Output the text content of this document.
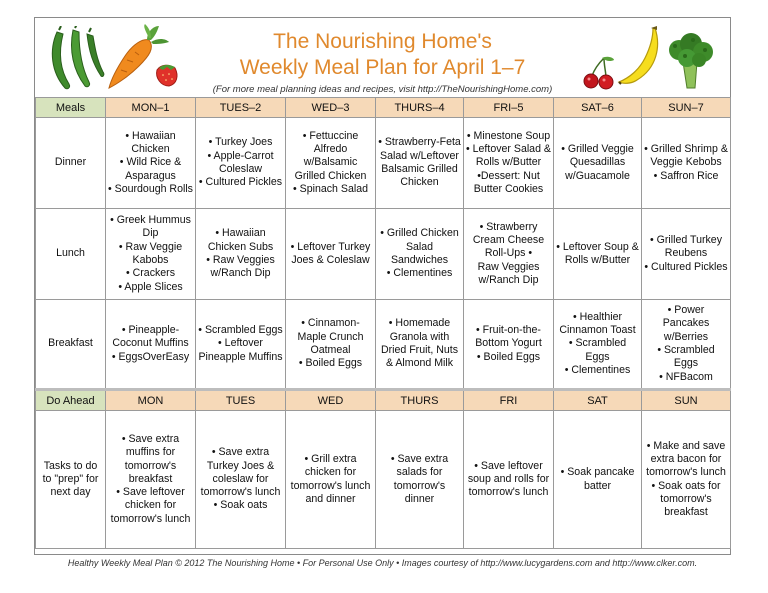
The Nourishing Home's
Weekly Meal Plan for April 1–7
(For more meal planning ideas and recipes, visit http://TheNourishingHome.com)
Meals	MON–1	TUES–2	WED–3	THURS–4	FRI–5	SAT–6	SUN–7
Dinner	• Hawaiian Chicken
• Wild Rice & Asparagus
• Sourdough Rolls	• Turkey Joes
• Apple-Carrot Coleslaw
• Cultured Pickles	• Fettuccine Alfredo w/Balsamic Grilled Chicken
• Spinach Salad	• Strawberry-Feta Salad w/Leftover Balsamic Grilled Chicken	• Minestone Soup
• Leftover Salad & Rolls w/Butter
•Dessert: Nut Butter Cookies	• Grilled Veggie Quesadillas w/Guacamole	• Grilled Shrimp & Veggie Kebobs
• Saffron Rice

Lunch	• Greek Hummus Dip
• Raw Veggie Kabobs
• Crackers
• Apple Slices	• Hawaiian Chicken Subs
• Raw Veggies w/Ranch Dip	• Leftover Turkey Joes & Coleslaw	• Grilled Chicken Salad Sandwiches
• Clementines	• Strawberry Cream Cheese Roll-Ups •
Raw Veggies w/Ranch Dip	• Leftover Soup & Rolls w/Butter	• Grilled Turkey Reubens
• Cultured Pickles

Breakfast	• Pineapple-Coconut Muffins
• EggsOverEasy	• Scrambled Eggs
• Leftover Pineapple Muffins	• Cinnamon-Maple Crunch Oatmeal
• Boiled Eggs	• Homemade Granola with Dried Fruit, Nuts & Almond Milk	• Fruit-on-the-Bottom Yogurt
• Boiled Eggs	• Healthier Cinnamon Toast
• Scrambled Eggs
• Clementines	• Power Pancakes w/Berries
• Scrambled Eggs
• NFBacom

Do Ahead	MON	TUES	WED	THURS	FRI	SAT	SUN
Tasks to do to "prep" for next day	• Save extra muffins for tomorrow's breakfast
• Save leftover chicken for tomorrow's lunch	• Save extra Turkey Joes & coleslaw for tomorrow's lunch
• Soak oats	• Grill extra chicken for tomorrow's lunch and dinner	• Save extra salads for tomorrow's dinner	• Save leftover soup and rolls for tomorrow's lunch	• Soak pancake batter	• Make and save extra bacon for tomorrow's lunch
• Soak oats for tomorrow's breakfast
Healthy Weekly Meal Plan © 2012 The Nourishing Home • For Personal Use Only • Images courtesy of http://www.lucygardens.com and http://www.clker.com.
